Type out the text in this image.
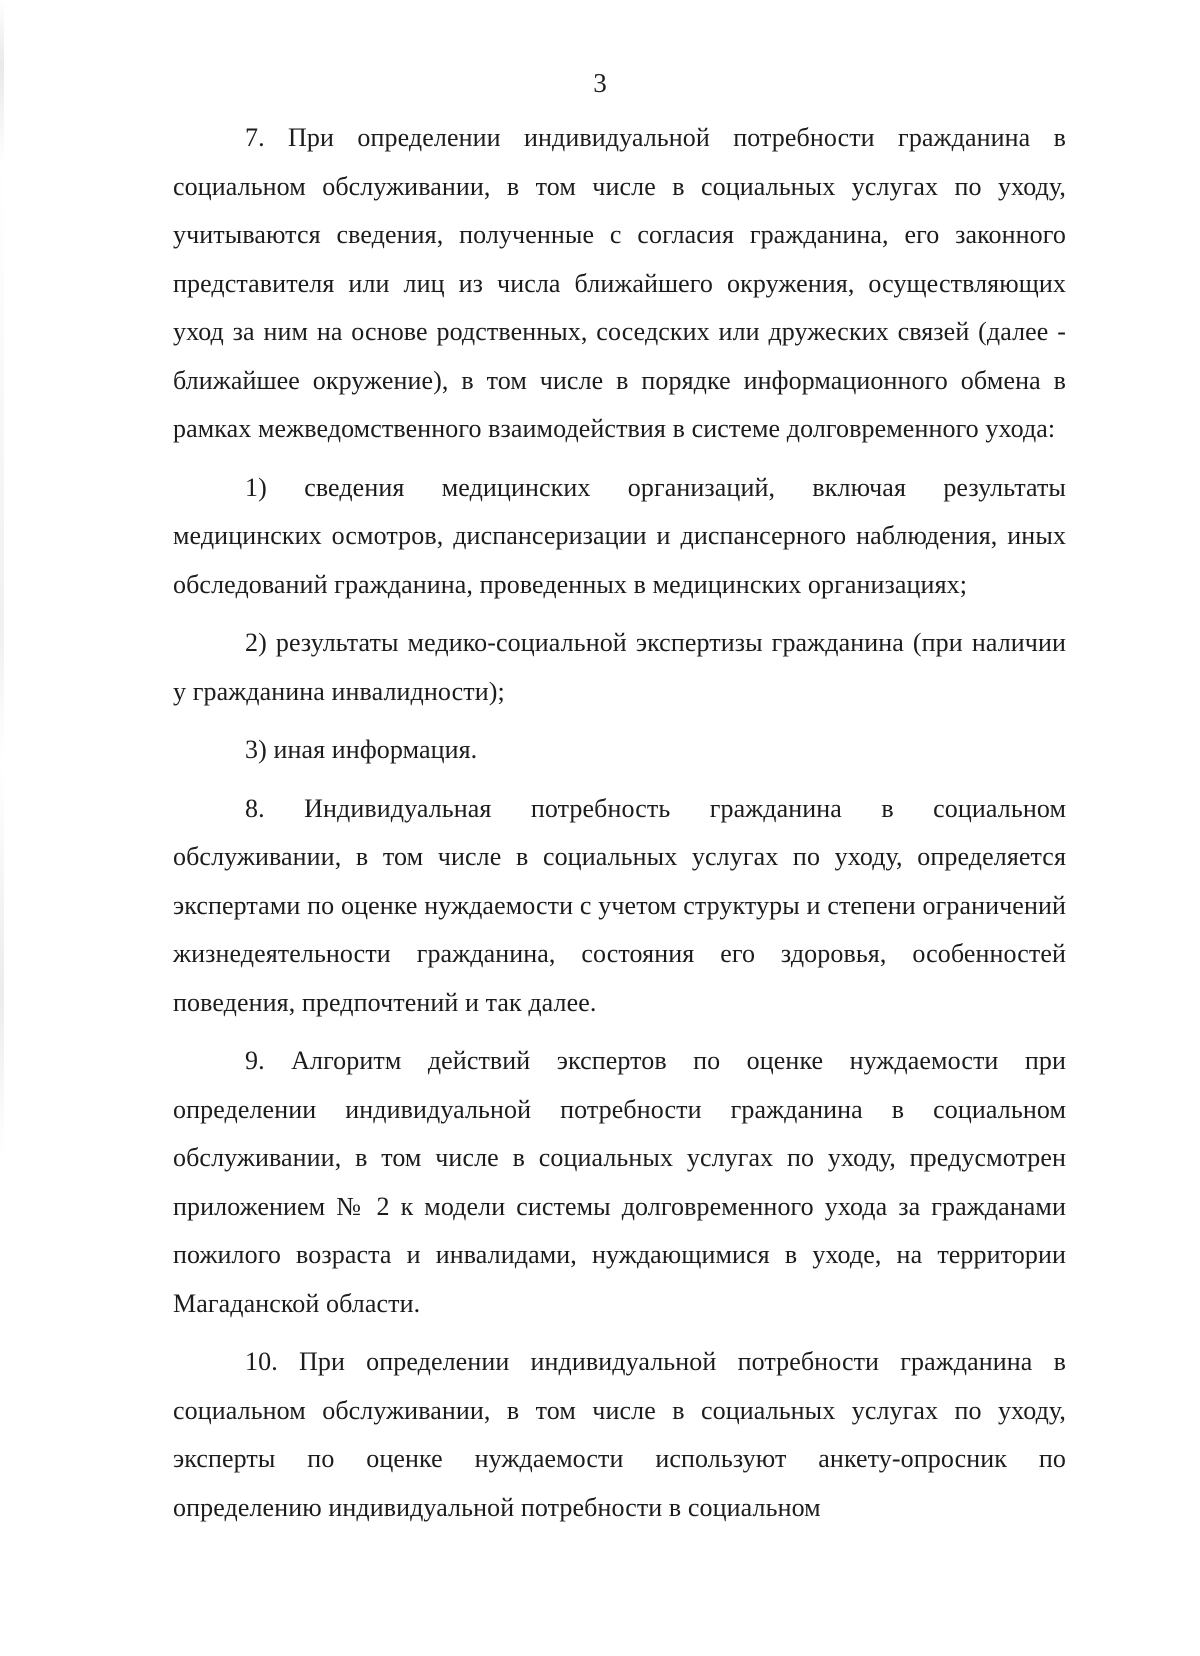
3

7. При определении индивидуальной потребности гражданина в социальном обслуживании, в том числе в социальных услугах по уходу, учитываются сведения, полученные с согласия гражданина, его законного представителя или лиц из числа ближайшего окружения, осуществляющих уход за ним на основе родственных, соседских или дружеских связей (далее - ближайшее окружение), в том числе в порядке информационного обмена в рамках межведомственного взаимодействия в системе долговременного ухода:

1) сведения медицинских организаций, включая результаты медицинских осмотров, диспансеризации и диспансерного наблюдения, иных обследований гражданина, проведенных в медицинских организациях;

2) результаты медико-социальной экспертизы гражданина (при наличии у гражданина инвалидности);

3) иная информация.

8. Индивидуальная потребность гражданина в социальном обслуживании, в том числе в социальных услугах по уходу, определяется экспертами по оценке нуждаемости с учетом структуры и степени ограничений жизнедеятельности гражданина, состояния его здоровья, особенностей поведения, предпочтений и так далее.

9. Алгоритм действий экспертов по оценке нуждаемости при определении индивидуальной потребности гражданина в социальном обслуживании, в том числе в социальных услугах по уходу, предусмотрен приложением № 2 к модели системы долговременного ухода за гражданами пожилого возраста и инвалидами, нуждающимися в уходе, на территории Магаданской области.

10. При определении индивидуальной потребности гражданина в социальном обслуживании, в том числе в социальных услугах по уходу, эксперты по оценке нуждаемости используют анкету-опросник по определению индивидуальной потребности в социальном
